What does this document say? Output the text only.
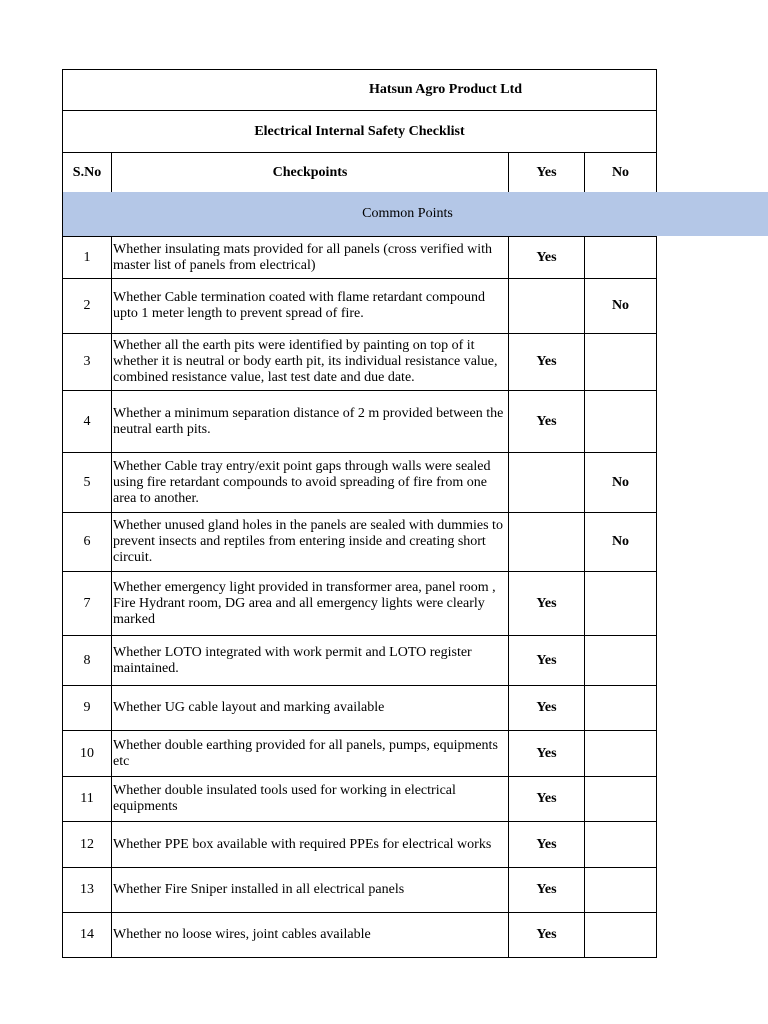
Hatsun Agro Product Ltd
Electrical Internal Safety Checklist
S.No	Checkpoints	Yes	No
Common Points
1	Whether insulating mats provided for all panels (cross verified with master list of panels from electrical)	Yes	
2	Whether Cable termination coated with flame retardant compound upto 1 meter length to prevent spread of fire.		No
3	Whether all the earth pits were identified by painting on top of it whether it is neutral or body earth pit, its individual resistance value, combined resistance value, last test date and due date.	Yes	
4	Whether a minimum separation distance of 2 m provided between the neutral earth pits.	Yes	
5	Whether Cable tray entry/exit point gaps through walls were sealed using fire retardant compounds to avoid spreading of fire from one area to another.		No
6	Whether unused gland holes in the panels are sealed with dummies to prevent insects and reptiles from entering inside and creating short circuit.		No
7	Whether emergency light provided in transformer area, panel room , Fire Hydrant room, DG area and all emergency lights were clearly marked	Yes	
8	Whether LOTO integrated with work permit and LOTO register maintained.	Yes	
9	Whether UG cable layout and marking available	Yes	
10	Whether double earthing provided for all panels, pumps, equipments etc	Yes	
11	Whether double insulated tools used for working in electrical equipments	Yes	
12	Whether PPE box available with required PPEs for electrical works	Yes	
13	Whether Fire Sniper installed in all electrical panels	Yes	
14	Whether no loose wires, joint cables available	Yes	
